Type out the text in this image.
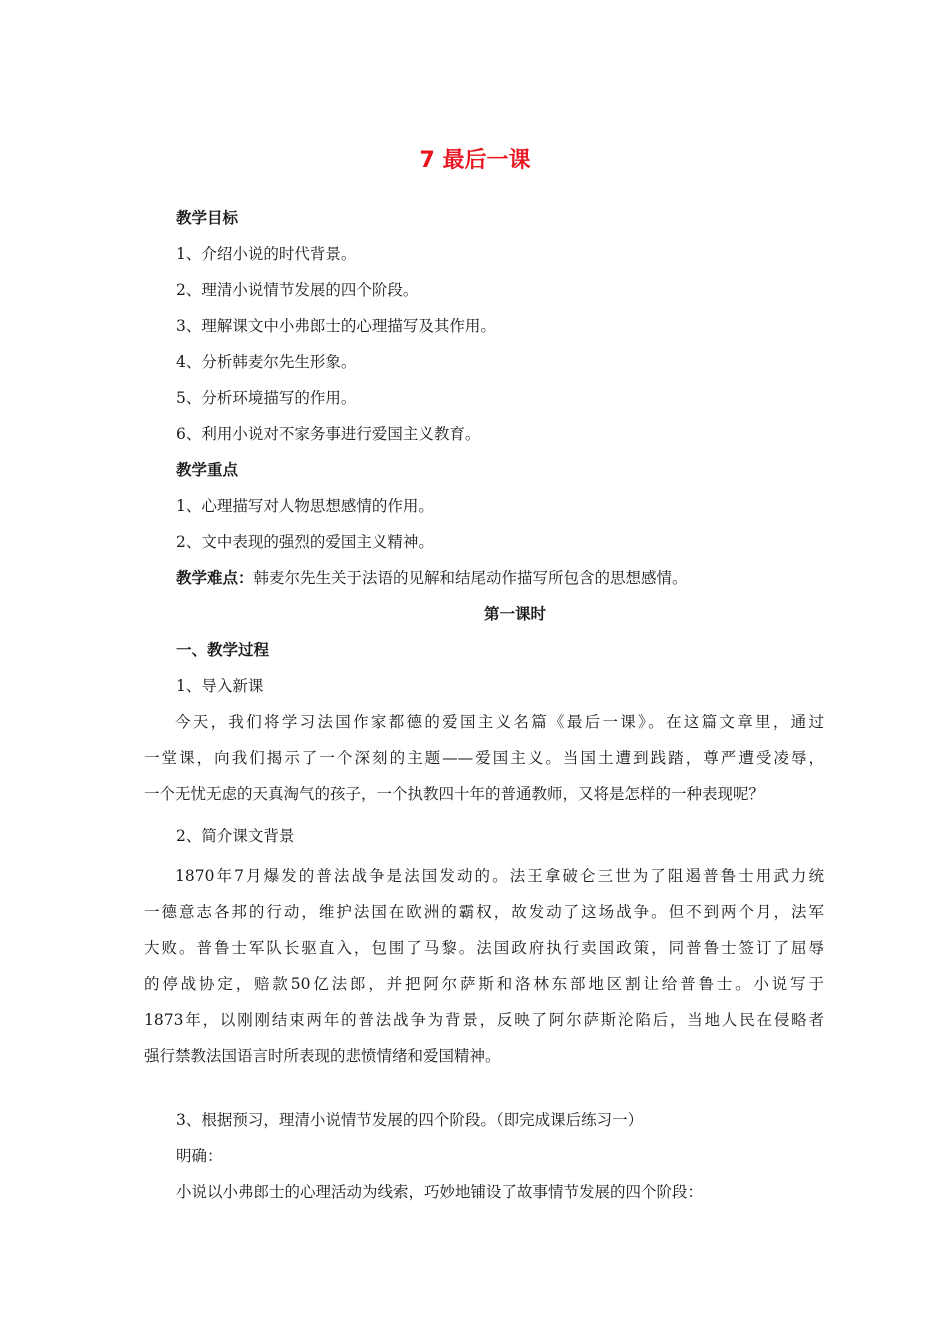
7 最后一课
教学目标
1、介绍小说的时代背景。
2、理清小说情节发展的四个阶段。
3、理解课文中小弗郎士的心理描写及其作用。
4、分析韩麦尔先生形象。
5、分析环境描写的作用。
6、利用小说对不家务事进行爱国主义教育。
教学重点
1、心理描写对人物思想感情的作用。
2、文中表现的强烈的爱国主义精神。
教学难点：韩麦尔先生关于法语的见解和结尾动作描写所包含的思想感情。
第一课时
一、教学过程
1、导入新课

今天，我们将学习法国作家都德的爱国主义名篇《最后一课》。在这篇文章里，通过

一堂课，向我们揭示了一个深刻的主题——爱国主义。当国土遭到践踏，尊严遭受凌辱，

一个无忧无虑的天真淘气的孩子，一个执教四十年的普通教师，又将是怎样的一种表现呢？

2、简介课文背景

1870年7月爆发的普法战争是法国发动的。法王拿破仑三世为了阻遏普鲁士用武力统

一德意志各邦的行动，维护法国在欧洲的霸权，故发动了这场战争。但不到两个月，法军

大败。普鲁士军队长驱直入，包围了马黎。法国政府执行卖国政策，同普鲁士签订了屈辱

的停战协定，赔款50亿法郎，并把阿尔萨斯和洛林东部地区割让给普鲁士。小说写于

1873年，以刚刚结束两年的普法战争为背景，反映了阿尔萨斯沦陷后，当地人民在侵略者

强行禁教法国语言时所表现的悲愤情绪和爱国精神。

3、根据预习，理清小说情节发展的四个阶段。（即完成课后练习一）
明确：
小说以小弗郎士的心理活动为线索，巧妙地铺设了故事情节发展的四个阶段：
